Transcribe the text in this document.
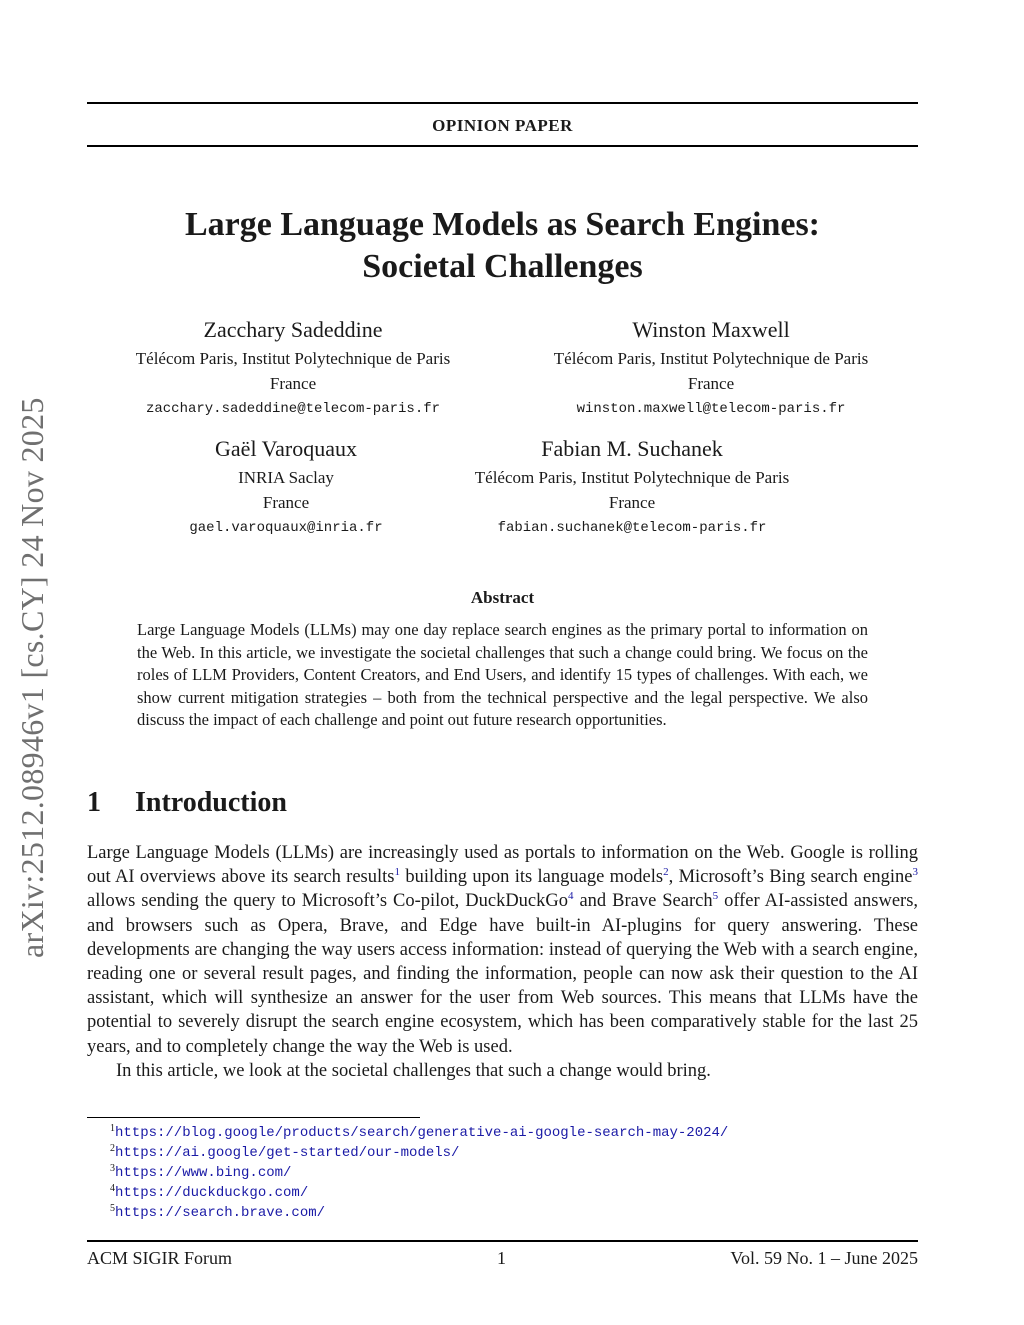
OPINION PAPER
arXiv:2512.08946v1 [cs.CY] 24 Nov 2025
Large Language Models as Search Engines:
Societal Challenges
Zacchary Sadeddine
Télécom Paris, Institut Polytechnique de Paris
France
zacchary.sadeddine@telecom-paris.fr
Winston Maxwell
Télécom Paris, Institut Polytechnique de Paris
France
winston.maxwell@telecom-paris.fr
Gaël Varoquaux
INRIA Saclay
France
gael.varoquaux@inria.fr
Fabian M. Suchanek
Télécom Paris, Institut Polytechnique de Paris
France
fabian.suchanek@telecom-paris.fr
Abstract

Large Language Models (LLMs) may one day replace search engines as the primary portal to information on the Web. In this article, we investigate the societal challenges that such a change could bring. We focus on the roles of LLM Providers, Content Creators, and End Users, and identify 15 types of challenges. With each, we show current mitigation strategies – both from the technical perspective and the legal perspective. We also discuss the impact of each challenge and point out future research opportunities.

1 Introduction

Large Language Models (LLMs) are increasingly used as portals to information on the Web. Google is rolling out AI overviews above its search results$^1$ building upon its language models$^2$, Microsoft’s Bing search engine$^3$ allows sending the query to Microsoft’s Co-pilot, DuckDuckGo$^4$ and Brave Search$^5$ offer AI-assisted answers, and browsers such as Opera, Brave, and Edge have built-in AI-plugins for query answering. These developments are changing the way users access information: instead of querying the Web with a search engine, reading one or several result pages, and finding the information, people can now ask their question to the AI assistant, which will synthesize an answer for the user from Web sources. This means that LLMs have the potential to severely disrupt the search engine ecosystem, which has been comparatively stable for the last 25 years, and to completely change the way the Web is used.

In this article, we look at the societal challenges that such a change would bring.

$^1$https://blog.google/products/search/generative-ai-google-search-may-2024/
$^2$https://ai.google/get-started/our-models/
$^3$https://www.bing.com/
$^4$https://duckduckgo.com/
$^5$https://search.brave.com/
ACM SIGIR Forum	1	Vol. 59 No. 1 – June 2025
